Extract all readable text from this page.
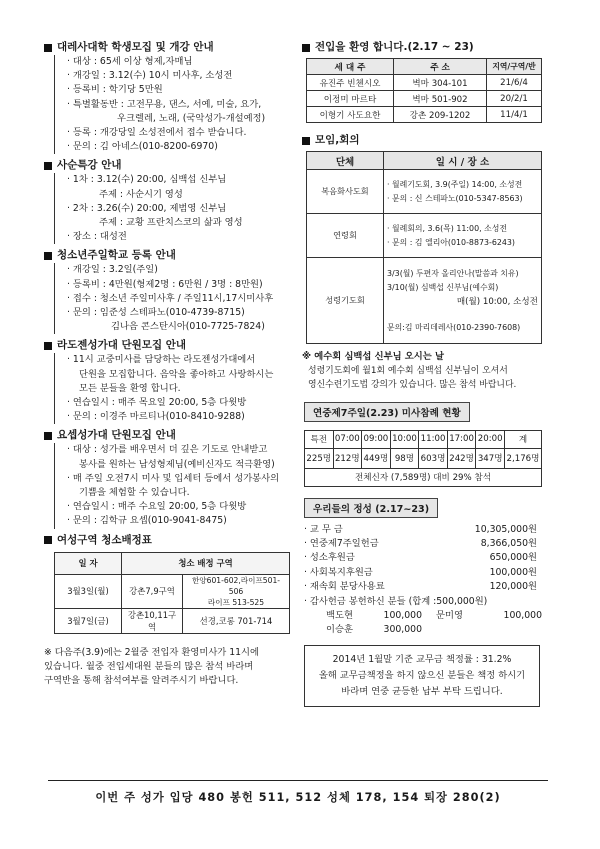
대레사대학 학생모집 및 개강 안내
· 대상 : 65세 이상 형제,자매님
· 개강일 : 3.12(수) 10시 미사후, 소성전
· 등록비 : 학기당 5만원
· 특별활동반 : 고전무용, 댄스, 서예, 미술, 요가,
우크렐레, 노래, (국악성가-개설예정)
· 등록 : 개강당일 소성전에서 접수 받습니다.
· 문의 : 김 아네스(010-8200-6970)
사순특강 안내
· 1차 : 3.12(수) 20:00, 심백섭 신부님
주제 : 사순시기 영성
· 2차 : 3.26(수) 20:00, 제범영 신부님
주제 : 교황 프란치스코의 삶과 영성
· 장소 : 대성전
청소년주일학교 등록 안내
· 개강일 : 3.2일(주일)
· 등록비 : 4만원(형제2명 : 6만원 / 3명 : 8만원)
· 접수 : 청소년 주일미사후 / 주일11시,17시미사후
· 문의 : 임준성 스테파노(010-4739-8715)
김나음 콘스탄시아(010-7725-7824)
라도젠성가대 단원모집 안내
· 11시 교중미사를 담당하는 라도젠성가대에서
단원을 모집합니다. 음악을 좋아하고 사랑하시는
모든 분들을 환영 합니다.
· 연습일시 : 매주 목요일 20:00, 5층 다윗방
· 문의 : 이경주 마르티나(010-8410-9288)
요셉성가대 단원모집 안내
· 대상 : 성가를 배우면서 더 깊은 기도로 안내받고
봉사를 원하는 남성형제님(예비신자도 적극환영)
· 매 주일 오전7시 미사 및 입세터 등에서 성가봉사의
기쁨을 체험할 수 있습니다.
· 연습일시 : 매주 수요일 20:00, 5층 다윗방
· 문의 : 김학규 요셉(010-9041-8475)
여성구역 청소배정표
일 자	청소 배정 구역	
3월3일(월)	강촌7,9구역	한양601-602,라이프501-506
라이프 513-525

3월7일(금)	강촌10,11구역	선경,코롱 701-714
※ 다음주(3.9)에는 2월중 전입자 환영미사가 11시에
있습니다. 월중 전입세대원 분들의 많은 참석 바라며
구역반을 통해 참석여부를 알려주시기 바랍니다.
전입을 환영 합니다.(2.17 ~ 23)
세 대 주	주 소	지역/구역/반
유진주 빈첸시오	벽마 304-101	21/6/4
이정미 마르타	벽마 501-902	20/2/1
이형기 사도요한	강촌 209-1202	11/4/1
모임,회의
단체	일 시 / 장 소
복음화사도회	· 월례기도회, 3.9(주일) 14:00, 소성전
· 문의 : 신 스테파노(010-5347-8563)

연령회	· 월례회의, 3.6(목) 11:00, 소성전
· 문의 : 김 엘리아(010-8873-6243)

성령기도회	3/3(월) 두편자 올리안나(말씀과 치유)
3/10(월) 심백섭 신부님(예수회)
매(월) 10:00, 소성전
문의:김 마리데레사(010-2390-7608)
※ 예수회 심백섭 신부님 오시는 날
성령기도회에 월1회 예수회 심백섭 신부님이 오셔서
영신수련기도법 강의가 있습니다. 많은 참석 바랍니다.
연중제7주일(2.23) 미사참례 현황
특전	07:00	09:00	10:00	11:00	17:00	20:00	계
225명	212명	449명	98명	603명	242명	347명	2,176명
전체신자 (7,589명) 대비 29% 참석							
우리들의 정성 (2.17~23)
· 교 무 금	10,305,000원
· 연중제7주일헌금	8,366,050원
· 성소후원금	650,000원
· 사회복지후원금	100,000원
· 재속회 분당사용료	120,000원
· 감사헌금 봉헌하신 분들 (합계 :500,000원)
백도현	100,000	문미영	100,000
이승훈	300,000
2014년 1월말 기준 교무금 책정률 : 31.2%
올해 교무금책정을 하지 않으신 분들은 책정 하시기
바라며 연중 균등한 납부 부탁 드립니다.
이번 주 성가 입당 480 봉헌 511, 512 성체 178, 154 퇴장 280(2)
